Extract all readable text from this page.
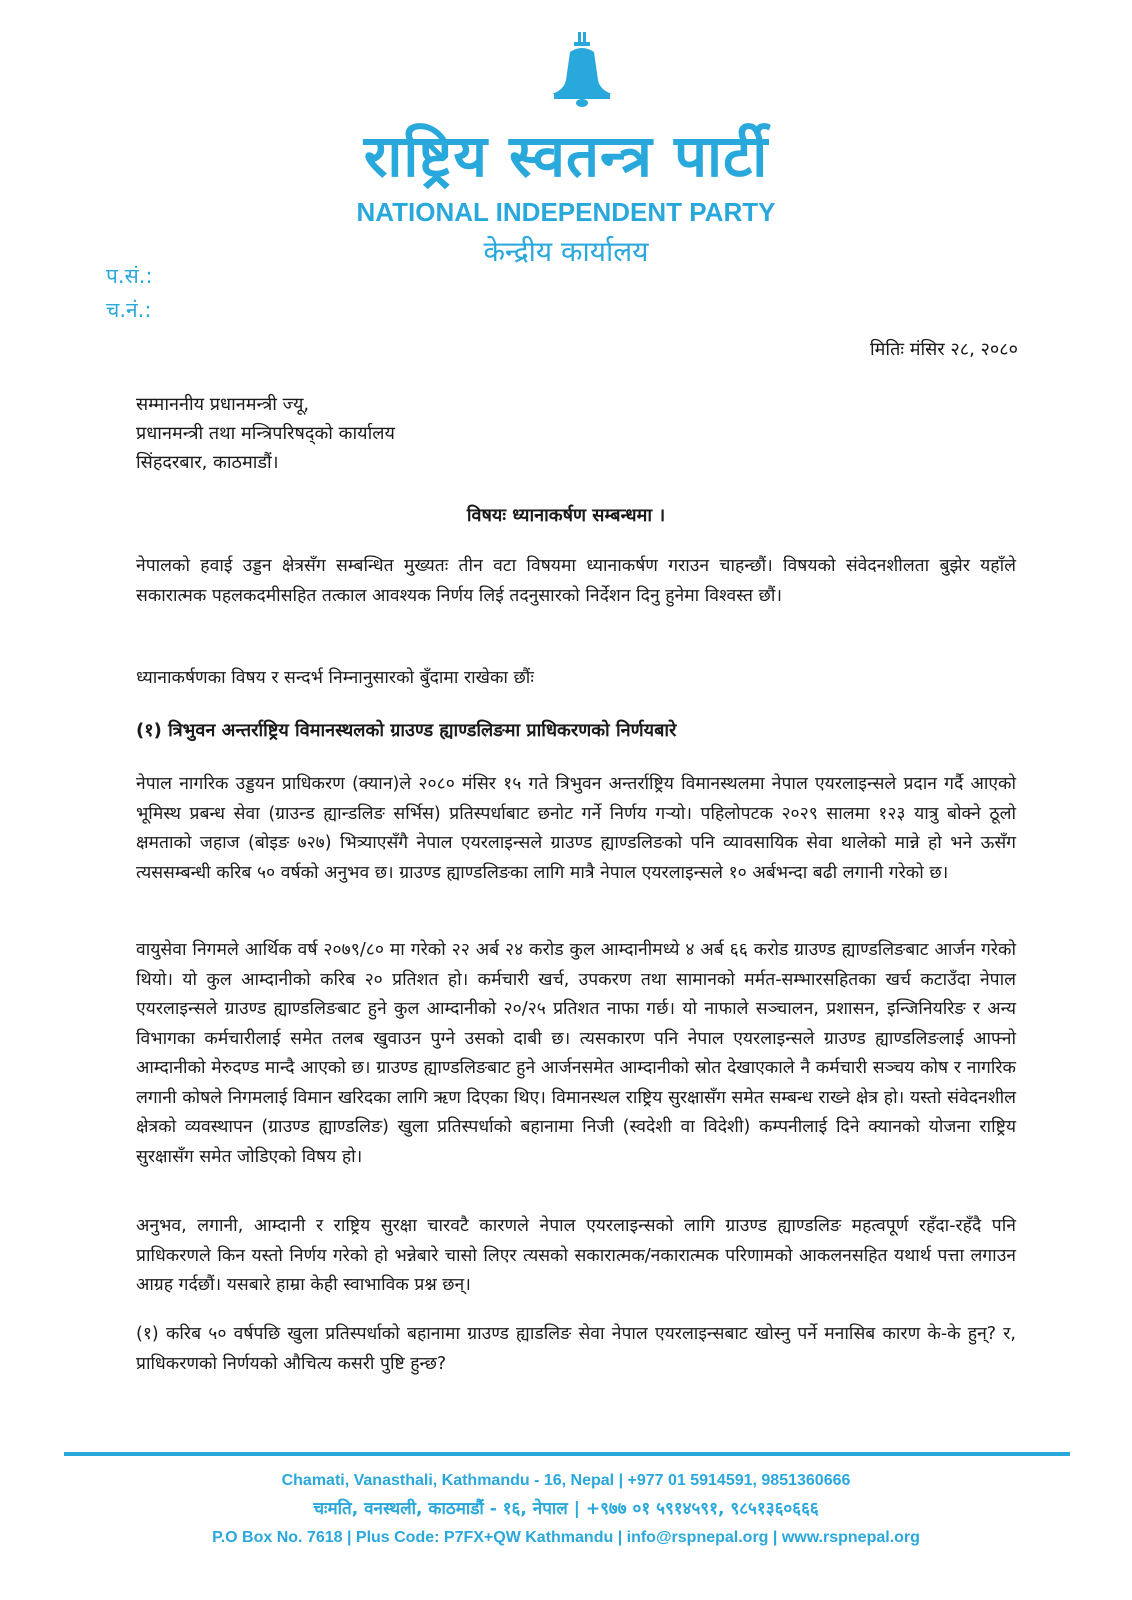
राष्ट्रिय स्वतन्त्र पार्टी
NATIONAL INDEPENDENT PARTY
केन्द्रीय कार्यालय
प.सं.:
च.नं.:
मितिः मंसिर २८, २०८०
सम्माननीय प्रधानमन्त्री ज्यू,
प्रधानमन्त्री तथा मन्त्रिपरिषद्‌को कार्यालय
सिंहदरबार, काठमाडौं।
विषयः ध्यानाकर्षण सम्बन्धमा ।

नेपालको हवाई उड्डन क्षेत्रसँग सम्बन्धित मुख्यतः तीन वटा विषयमा ध्यानाकर्षण गराउन चाहन्छौं। विषयको संवेदनशीलता बुझेर यहाँले सकारात्मक पहलकदमीसहित तत्काल आवश्यक निर्णय लिई तदनुसारको निर्देशन दिनु हुनेमा विश्वस्त छौं।

ध्यानाकर्षणका विषय र सन्दर्भ निम्नानुसारको बुँदामा राखेका छौंः

(१) त्रिभुवन अन्तर्राष्ट्रिय विमानस्थलको ग्राउण्ड ह्याण्डलिङमा प्राधिकरणको निर्णयबारे

नेपाल नागरिक उड्डयन प्राधिकरण (क्यान)ले २०८० मंसिर १५ गते त्रिभुवन अन्तर्राष्ट्रिय विमानस्थलमा नेपाल एयरलाइन्सले प्रदान गर्दै आएको भूमिस्थ प्रबन्ध सेवा (ग्राउन्ड ह्यान्डलिङ सर्भिस) प्रतिस्पर्धाबाट छनोट गर्ने निर्णय गर्‍यो। पहिलोपटक २०२९ सालमा १२३ यात्रु बोक्ने ठूलो क्षमताको जहाज (बोइङ ७२७) भित्र्याएसँगै नेपाल एयरलाइन्सले ग्राउण्ड ह्याण्डलिङको पनि व्यावसायिक सेवा थालेको मान्ने हो भने ऊसँग त्यससम्बन्धी करिब ५० वर्षको अनुभव छ। ग्राउण्ड ह्याण्डलिङका लागि मात्रै नेपाल एयरलाइन्सले १० अर्बभन्दा बढी लगानी गरेको छ।

वायुसेवा निगमले आर्थिक वर्ष २०७९/८० मा गरेको २२ अर्ब २४ करोड कुल आम्दानीमध्ये ४ अर्ब ६६ करोड ग्राउण्ड ह्याण्डलिङबाट आर्जन गरेको थियो। यो कुल आम्दानीको करिब २० प्रतिशत हो। कर्मचारी खर्च, उपकरण तथा सामानको मर्मत-सम्भारसहितका खर्च कटाउँदा नेपाल एयरलाइन्सले ग्राउण्ड ह्याण्डलिङबाट हुने कुल आम्दानीको २०/२५ प्रतिशत नाफा गर्छ। यो नाफाले सञ्चालन, प्रशासन, इन्जिनियरिङ र अन्य विभागका कर्मचारीलाई समेत तलब खुवाउन पुग्ने उसको दाबी छ। त्यसकारण पनि नेपाल एयरलाइन्सले ग्राउण्ड ह्याण्डलिङलाई आफ्नो आम्दानीको मेरुदण्ड मान्दै आएको छ। ग्राउण्ड ह्याण्डलिङबाट हुने आर्जनसमेत आम्दानीको स्रोत देखाएकाले नै कर्मचारी सञ्चय कोष र नागरिक लगानी कोषले निगमलाई विमान खरिदका लागि ऋण दिएका थिए। विमानस्थल राष्ट्रिय सुरक्षासँग समेत सम्बन्ध राख्ने क्षेत्र हो। यस्तो संवेदनशील क्षेत्रको व्यवस्थापन (ग्राउण्ड ह्याण्डलिङ) खुला प्रतिस्पर्धाको बहानामा निजी (स्वदेशी वा विदेशी) कम्पनीलाई दिने क्यानको योजना राष्ट्रिय सुरक्षासँग समेत जोडिएको विषय हो।

अनुभव, लगानी, आम्दानी र राष्ट्रिय सुरक्षा चारवटै कारणले नेपाल एयरलाइन्सको लागि ग्राउण्ड ह्याण्डलिङ महत्वपूर्ण रहँदा-रहँदै पनि प्राधिकरणले किन यस्तो निर्णय गरेको हो भन्नेबारे चासो लिएर त्यसको सकारात्मक/नकारात्मक परिणामको आकलनसहित यथार्थ पत्ता लगाउन आग्रह गर्दछौं। यसबारे हाम्रा केही स्वाभाविक प्रश्न छन्।

(१) करिब ५० वर्षपछि खुला प्रतिस्पर्धाको बहानामा ग्राउण्ड ह्याडलिङ सेवा नेपाल एयरलाइन्सबाट खोस्नु पर्ने मनासिब कारण के-के हुन्? र, प्राधिकरणको निर्णयको औचित्य कसरी पुष्टि हुन्छ?

Chamati, Vanasthali, Kathmandu - 16, Nepal | +977 01 5914591, 9851360666
चःमति, वनस्थली, काठमाडौं - १६, नेपाल | +९७७ ०१ ५९१४५९१, ९८५१३६०६६६
P.O Box No. 7618 | Plus Code: P7FX+QW Kathmandu | info@rspnepal.org | www.rspnepal.org
